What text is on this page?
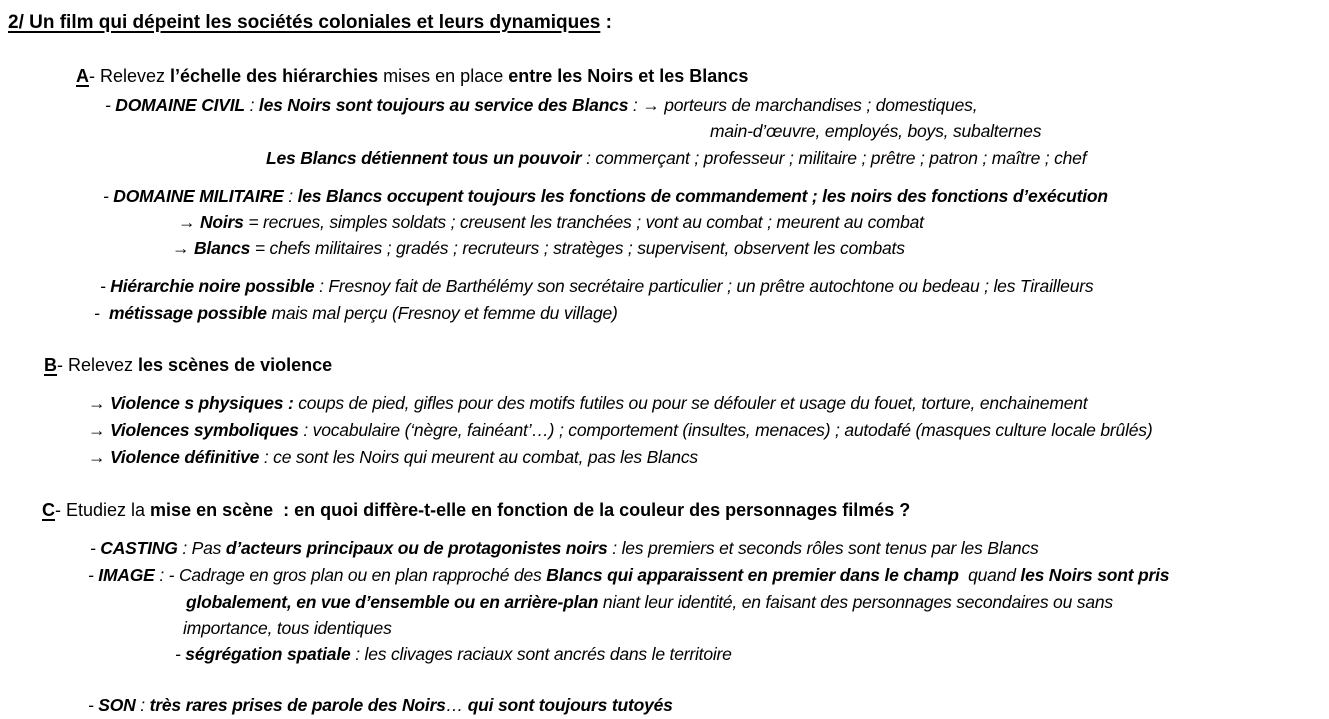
2/ Un film qui dépeint les sociétés coloniales et leurs dynamiques :
A- Relevez l’échelle des hiérarchies mises en place entre les Noirs et les Blancs
- DOMAINE CIVIL : les Noirs sont toujours au service des Blancs : → porteurs de marchandises ; domestiques,
main-d’œuvre, employés, boys, subalternes
Les Blancs détiennent tous un pouvoir : commerçant ; professeur ; militaire ; prêtre ; patron ; maître ; chef
- DOMAINE MILITAIRE : les Blancs occupent toujours les fonctions de commandement ; les noirs des fonctions d’exécution
→ Noirs = recrues, simples soldats ; creusent les tranchées ; vont au combat ; meurent au combat
→ Blancs = chefs militaires ; gradés ; recruteurs ; stratèges ; supervisent, observent les combats
- Hiérarchie noire possible : Fresnoy fait de Barthélémy son secrétaire particulier ; un prêtre autochtone ou bedeau ; les Tirailleurs
-  métissage possible mais mal perçu (Fresnoy et femme du village)
B- Relevez les scènes de violence
→ Violence s physiques : coups de pied, gifles pour des motifs futiles ou pour se défouler et usage du fouet, torture, enchainement
→ Violences symboliques : vocabulaire (‘nègre, fainéant’…) ; comportement (insultes, menaces) ; autodafé (masques culture locale brûlés)
→ Violence définitive : ce sont les Noirs qui meurent au combat, pas les Blancs
C- Etudiez la mise en scène  : en quoi diffère-t-elle en fonction de la couleur des personnages filmés ?
- CASTING : Pas d’acteurs principaux ou de protagonistes noirs : les premiers et seconds rôles sont tenus par les Blancs
- IMAGE : - Cadrage en gros plan ou en plan rapproché des Blancs qui apparaissent en premier dans le champ  quand les Noirs sont pris
globalement, en vue d’ensemble ou en arrière-plan niant leur identité, en faisant des personnages secondaires ou sans
importance, tous identiques
- ségrégation spatiale : les clivages raciaux sont ancrés dans le territoire
- SON : très rares prises de parole des Noirs… qui sont toujours tutoyés
